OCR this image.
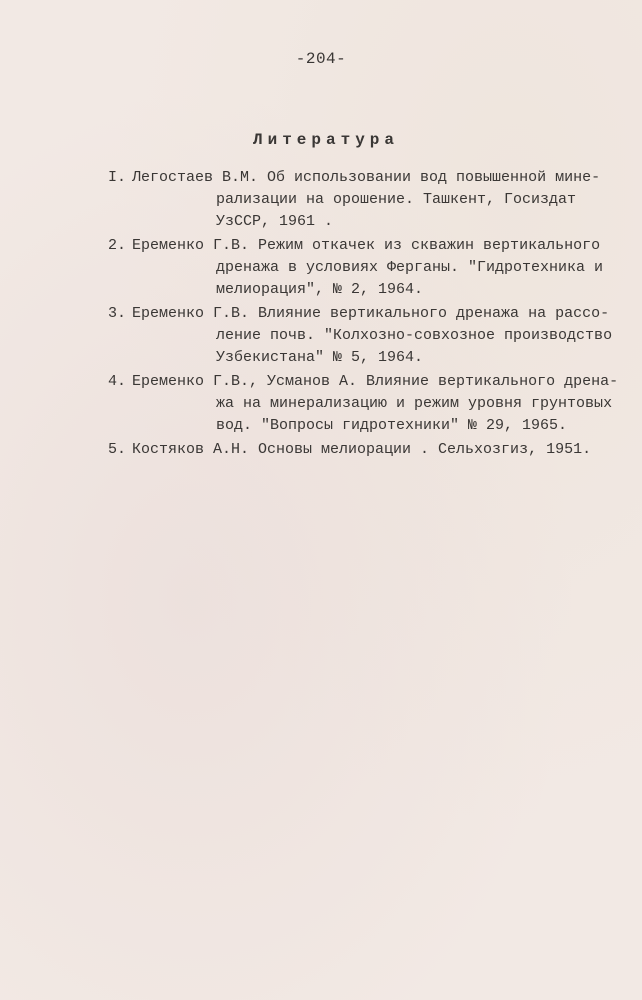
-204-
Литература
I. Легостаев В.М. Об использовании вод повышенной мине-
рализации на орошение. Ташкент, Госиздат
УзССР, 1961 .
2. Еременко Г.В. Режим откачек из скважин вертикального
дренажа в условиях Ферганы. "Гидротехника и
мелиорация", № 2, 1964.
3. Еременко Г.В. Влияние вертикального дренажа на рассо-
ление почв. "Колхозно-совхозное производство
Узбекистана" № 5, 1964.
4. Еременко Г.В., Усманов А. Влияние вертикального дрена-
жа на минерализацию и режим уровня грунтовых
вод. "Вопросы гидротехники" № 29, 1965.
5. Костяков А.Н. Основы мелиорации . Сельхозгиз, 1951.
